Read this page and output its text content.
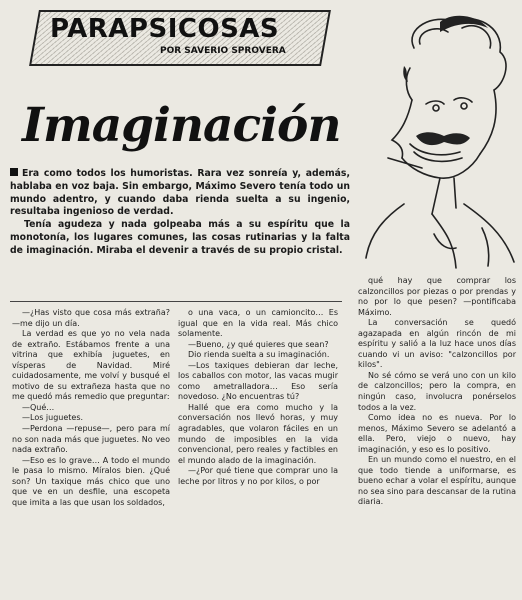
PARAPSICOSAS
POR SAVERIO SPROVERA
Imaginación

Era como todos los humoristas. Rara vez sonreía y, además, hablaba en voz baja. Sin embargo, Máximo Severo tenía todo un mundo adentro, y cuando daba rienda suelta a su ingenio, resultaba ingenioso de verdad.

Tenía agudeza y nada golpeaba más a su espíritu que la monotonía, los lugares comunes, las cosas rutinarias y la falta de imaginación. Miraba el devenir a través de su propio cristal.

—¿Has visto que cosa más extraña? —me dijo un día.

La verdad es que yo no vela nada de extraño. Estábamos frente a una vitrina que exhibía juguetes, en vísperas de Navidad. Miré cuidadosamente, me volví y busqué el motivo de su extrañeza hasta que no me quedó más remedio que preguntar:

—Qué…

—Los juguetes.

—Perdona —repuse—, pero para mí no son nada más que juguetes. No veo nada extraño.

—Eso es lo grave… A todo el mundo le pasa lo mismo. Míralos bien. ¿Qué son? Un taxique más chico que uno que ve en un desfile, una escopeta que imita a las que usan los soldados,

o una vaca, o un camioncito… Es igual que en la vida real. Más chico solamente.

—Bueno, ¿y qué quieres que sean?

Dio rienda suelta a su imaginación.

—Los taxiques debieran dar leche, los caballos con motor, las vacas mugir como ametralladora… Eso sería novedoso. ¿No encuentras tú?

Hallé que era como mucho y la conversación nos llevó horas, y muy agradables, que volaron fáciles en un mundo de imposibles en la vida convencional, pero reales y factibles en el mundo alado de la imaginación.

—¿Por qué tiene que comprar uno la leche por litros y no por kilos, o por

qué hay que comprar los calzoncillos por piezas o por prendas y no por lo que pesen? —pontificaba Máximo.

La conversación se quedó agazapada en algún rincón de mi espíritu y salió a la luz hace unos días cuando vi un aviso: "calzoncillos por kilos".

No sé cómo se verá uno con un kilo de calzoncillos; pero la compra, en ningún caso, involucra ponérselos todos a la vez.

Como idea no es nueva. Por lo menos, Máximo Severo se adelantó a ella. Pero, viejo o nuevo, hay imaginación, y eso es lo positivo.

En un mundo como el nuestro, en el que todo tiende a uniformarse, es bueno echar a volar el espíritu, aunque no sea sino para descansar de la rutina diaria.
